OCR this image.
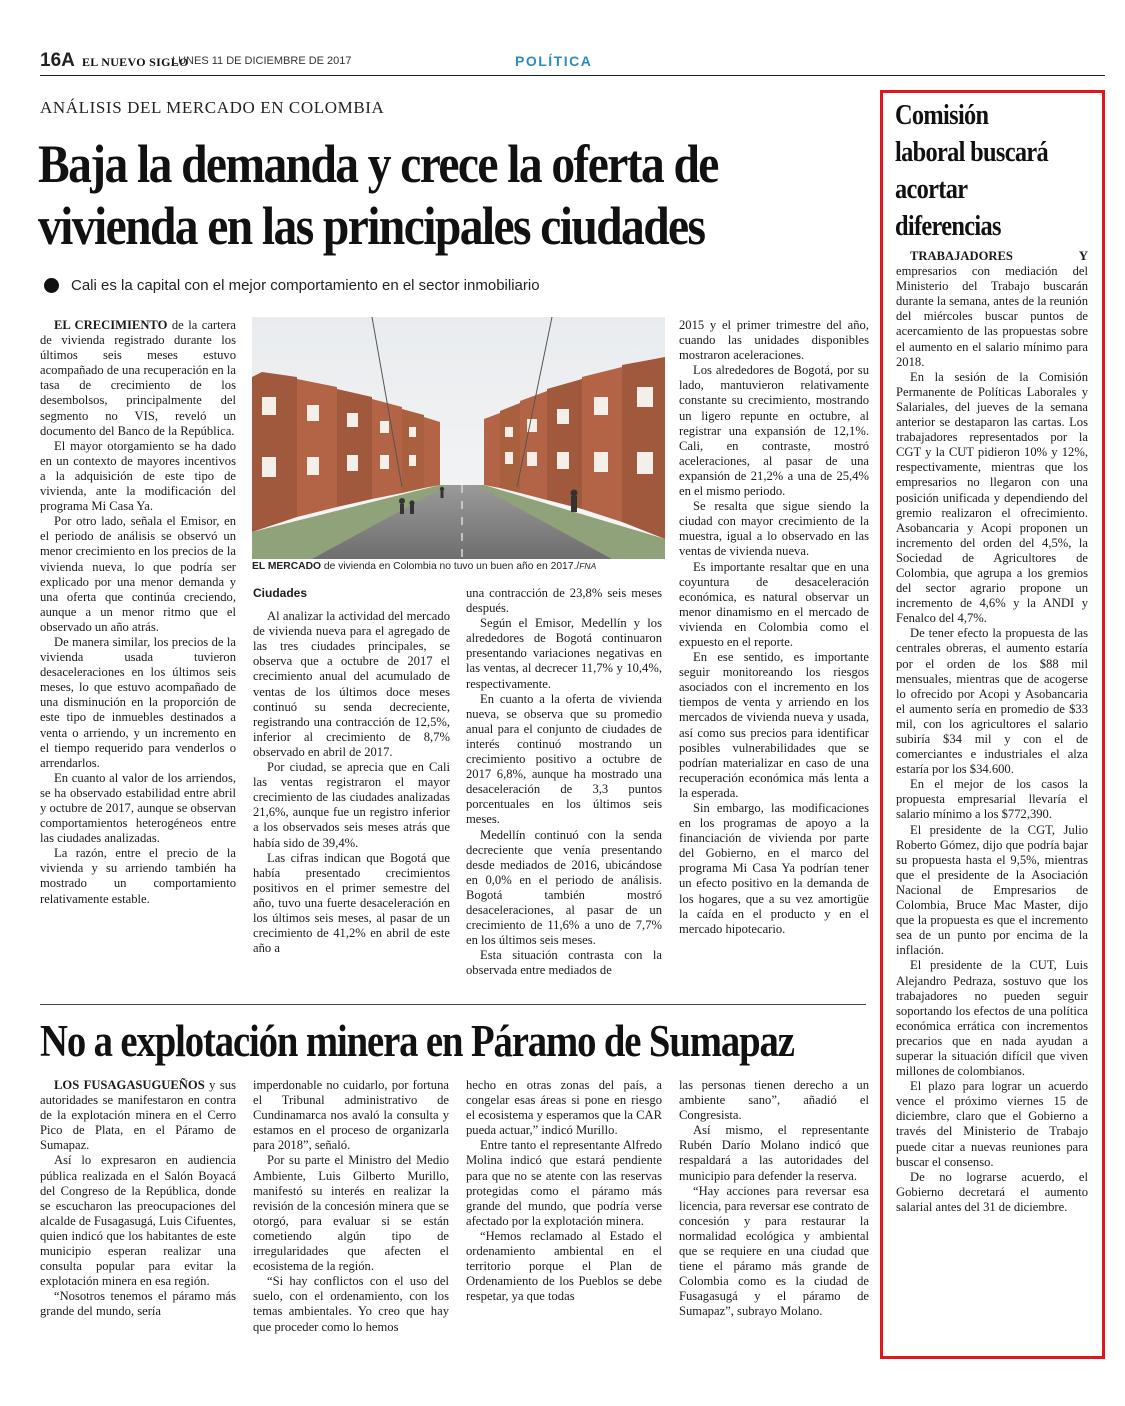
16A EL NUEVO SIGLO
LUNES 11 DE DICIEMBRE DE 2017	POLÍTICA
ANÁLISIS DEL MERCADO EN COLOMBIA
Baja la demanda y crece la oferta de
vivienda en las principales ciudades
Cali es la capital con el mejor comportamiento en el sector inmobiliario

EL CRECIMIENTO de la cartera de vivienda registrado durante los últimos seis meses estuvo acompañado de una recuperación en la tasa de crecimiento de los desembolsos, principalmente del segmento no VIS, reveló un documento del Banco de la República.

El mayor otorgamiento se ha dado en un contexto de mayores incentivos a la adquisición de este tipo de vivienda, ante la modificación del programa Mi Casa Ya.

Por otro lado, señala el Emisor, en el periodo de análisis se observó un menor crecimiento en los precios de la vivienda nueva, lo que podría ser explicado por una menor demanda y una oferta que continúa creciendo, aunque a un menor ritmo que el observado un año atrás.

De manera similar, los precios de la vivienda usada tuvieron desaceleraciones en los últimos seis meses, lo que estuvo acompañado de una disminución en la proporción de este tipo de inmuebles destinados a venta o arriendo, y un incremento en el tiempo requerido para venderlos o arrendarlos.

En cuanto al valor de los arriendos, se ha observado estabilidad entre abril y octubre de 2017, aunque se observan comportamientos heterogéneos entre las ciudades analizadas.

La razón, entre el precio de la vivienda y su arriendo también ha mostrado un comportamiento relativamente estable.

EL MERCADO de vivienda en Colombia no tuvo un buen año en 2017./FNA

Ciudades

Al analizar la actividad del mercado de vivienda nueva para el agregado de las tres ciudades principales, se observa que a octubre de 2017 el crecimiento anual del acumulado de ventas de los últimos doce meses continuó su senda decreciente, registrando una contracción de 12,5%, inferior al crecimiento de 8,7% observado en abril de 2017.

Por ciudad, se aprecia que en Cali las ventas registraron el mayor crecimiento de las ciudades analizadas 21,6%, aunque fue un registro inferior a los observados seis meses atrás que había sido de 39,4%.

Las cifras indican que Bogotá que había presentado crecimientos positivos en el primer semestre del año, tuvo una fuerte desaceleración en los últimos seis meses, al pasar de un crecimiento de 41,2% en abril de este año a

una contracción de 23,8% seis meses después.

Según el Emisor, Medellín y los alrededores de Bogotá continuaron presentando variaciones negativas en las ventas, al decrecer 11,7% y 10,4%, respectivamente.

En cuanto a la oferta de vivienda nueva, se observa que su promedio anual para el conjunto de ciudades de interés continuó mostrando un crecimiento positivo a octubre de 2017 6,8%, aunque ha mostrado una desaceleración de 3,3 puntos porcentuales en los últimos seis meses.

Medellín continuó con la senda decreciente que venía presentando desde mediados de 2016, ubicándose en 0,0% en el periodo de análisis. Bogotá también mostró desaceleraciones, al pasar de un crecimiento de 11,6% a uno de 7,7% en los últimos seis meses.

Esta situación contrasta con la observada entre mediados de

2015 y el primer trimestre del año, cuando las unidades disponibles mostraron aceleraciones.

Los alrededores de Bogotá, por su lado, mantuvieron relativamente constante su crecimiento, mostrando un ligero repunte en octubre, al registrar una expansión de 12,1%. Cali, en contraste, mostró aceleraciones, al pasar de una expansión de 21,2% a una de 25,4% en el mismo periodo.

Se resalta que sigue siendo la ciudad con mayor crecimiento de la muestra, igual a lo observado en las ventas de vivienda nueva.

Es importante resaltar que en una coyuntura de desaceleración económica, es natural observar un menor dinamismo en el mercado de vivienda en Colombia como el expuesto en el reporte.

En ese sentido, es importante seguir monitoreando los riesgos asociados con el incremento en los tiempos de venta y arriendo en los mercados de vivienda nueva y usada, así como sus precios para identificar posibles vulnerabilidades que se podrían materializar en caso de una recuperación económica más lenta a la esperada.

Sin embargo, las modificaciones en los programas de apoyo a la financiación de vivienda por parte del Gobierno, en el marco del programa Mi Casa Ya podrían tener un efecto positivo en la demanda de los hogares, que a su vez amortigüe la caída en el producto y en el mercado hipotecario.

No a explotación minera en Páramo de Sumapaz

LOS FUSAGASUGUEÑOS y sus autoridades se manifestaron en contra de la explotación minera en el Cerro Pico de Plata, en el Páramo de Sumapaz.

Así lo expresaron en audiencia pública realizada en el Salón Boyacá del Congreso de la República, donde se escucharon las preocupaciones del alcalde de Fusagasugá, Luis Cifuentes, quien indicó que los habitantes de este municipio esperan realizar una consulta popular para evitar la explotación minera en esa región.

“Nosotros tenemos el páramo más grande del mundo, sería

imperdonable no cuidarlo, por fortuna el Tribunal administrativo de Cundinamarca nos avaló la consulta y estamos en el proceso de organizarla para 2018”, señaló.

Por su parte el Ministro del Medio Ambiente, Luis Gilberto Murillo, manifestó su interés en realizar la revisión de la concesión minera que se otorgó, para evaluar si se están cometiendo algún tipo de irregularidades que afecten el ecosistema de la región.

“Si hay conflictos con el uso del suelo, con el ordenamiento, con los temas ambientales. Yo creo que hay que proceder como lo hemos

hecho en otras zonas del país, a congelar esas áreas si pone en riesgo el ecosistema y esperamos que la CAR pueda actuar,” indicó Murillo.

Entre tanto el representante Alfredo Molina indicó que estará pendiente para que no se atente con las reservas protegidas como el páramo más grande del mundo, que podría verse afectado por la explotación minera.

“Hemos reclamado al Estado el ordenamiento ambiental en el territorio porque el Plan de Ordenamiento de los Pueblos se debe respetar, ya que todas

las personas tienen derecho a un ambiente sano”, añadió el Congresista.

Así mismo, el representante Rubén Darío Molano indicó que respaldará a las autoridades del municipio para defender la reserva.

“Hay acciones para reversar esa licencia, para reversar ese contrato de concesión y para restaurar la normalidad ecológica y ambiental que se requiere en una ciudad que tiene el páramo más grande de Colombia como es la ciudad de Fusagasugá y el páramo de Sumapaz”, subrayo Molano.

Comisión
laboral buscará
acortar
diferencias

TRABAJADORES Y empresarios con mediación del Ministerio del Trabajo buscarán durante la semana, antes de la reunión del miércoles buscar puntos de acercamiento de las propuestas sobre el aumento en el salario mínimo para 2018.

En la sesión de la Comisión Permanente de Políticas Laborales y Salariales, del jueves de la semana anterior se destaparon las cartas. Los trabajadores representados por la CGT y la CUT pidieron 10% y 12%, respectivamente, mientras que los empresarios no llegaron con una posición unificada y dependiendo del gremio realizaron el ofrecimiento. Asobancaria y Acopi proponen un incremento del orden del 4,5%, la Sociedad de Agricultores de Colombia, que agrupa a los gremios del sector agrario propone un incremento de 4,6% y la ANDI y Fenalco del 4,7%.

De tener efecto la propuesta de las centrales obreras, el aumento estaría por el orden de los $88 mil mensuales, mientras que de acogerse lo ofrecido por Acopi y Asobancaria el aumento sería en promedio de $33 mil, con los agricultores el salario subiría $34 mil y con el de comerciantes e industriales el alza estaría por los $34.600.

En el mejor de los casos la propuesta empresarial llevaría el salario mínimo a los $772,390.

El presidente de la CGT, Julio Roberto Gómez, dijo que podría bajar su propuesta hasta el 9,5%, mientras que el presidente de la Asociación Nacional de Empresarios de Colombia, Bruce Mac Master, dijo que la propuesta es que el incremento sea de un punto por encima de la inflación.

El presidente de la CUT, Luis Alejandro Pedraza, sostuvo que los trabajadores no pueden seguir soportando los efectos de una política económica errática con incrementos precarios que en nada ayudan a superar la situación difícil que viven millones de colombianos.

El plazo para lograr un acuerdo vence el próximo viernes 15 de diciembre, claro que el Gobierno a través del Ministerio de Trabajo puede citar a nuevas reuniones para buscar el consenso.

De no lograrse acuerdo, el Gobierno decretará el aumento salarial antes del 31 de diciembre.
